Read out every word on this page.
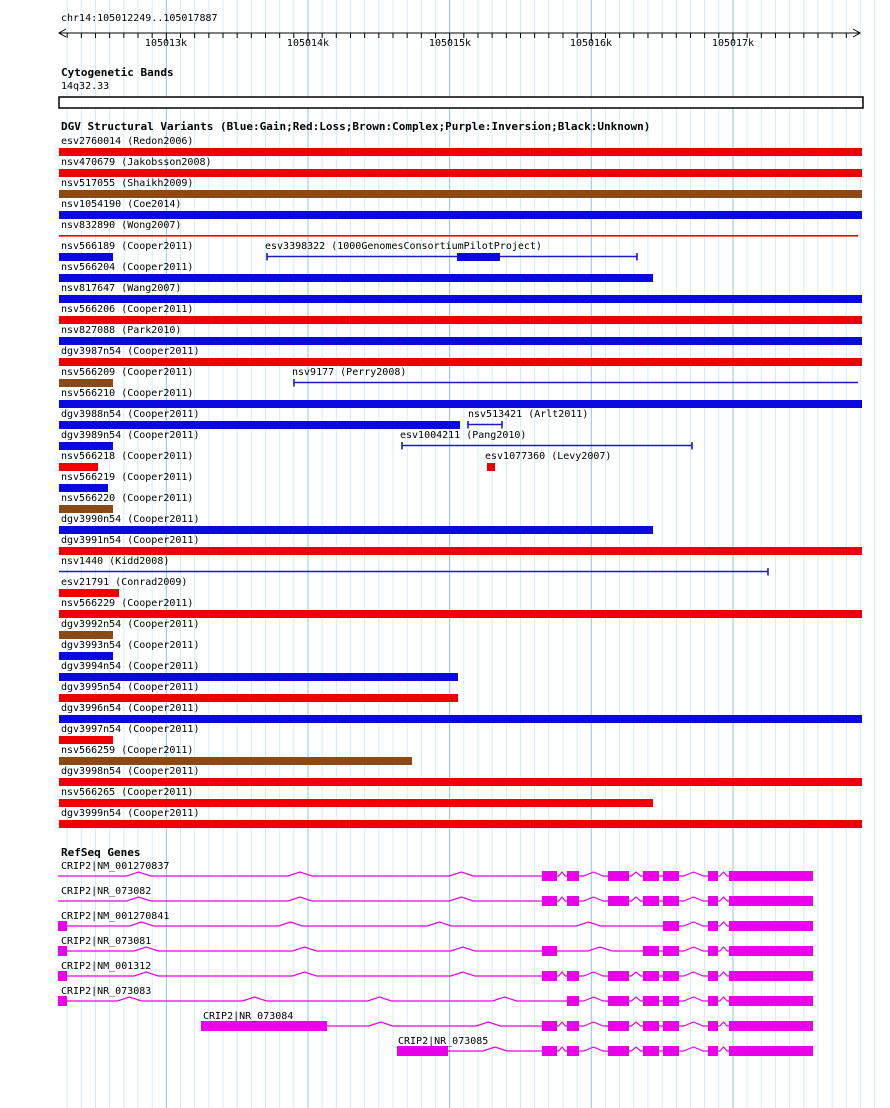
chr14:105012249..105017887
Cytogenetic Bands
14q32.33
DGV Structural Variants (Blue:Gain;Red:Loss;Brown:Complex;Purple:Inversion;Black:Unknown)
RefSeq Genes
105013k	105014k	105015k	105016k	105017k
esv2760014 (Redon2006)
nsv470679 (Jakobsson2008)
nsv517055 (Shaikh2009)
nsv1054190 (Coe2014)
nsv832890 (Wong2007)
nsv566189 (Cooper2011)	esv3398322 (1000GenomesConsortiumPilotProject)
nsv566204 (Cooper2011)
nsv817647 (Wang2007)
nsv566206 (Cooper2011)
nsv827088 (Park2010)
dgv3987n54 (Cooper2011)
nsv566209 (Cooper2011)	nsv9177 (Perry2008)
nsv566210 (Cooper2011)
dgv3988n54 (Cooper2011)	nsv513421 (Arlt2011)
dgv3989n54 (Cooper2011)	esv1004211 (Pang2010)
nsv566218 (Cooper2011)	esv1077360 (Levy2007)
nsv566219 (Cooper2011)
nsv566220 (Cooper2011)
dgv3990n54 (Cooper2011)
dgv3991n54 (Cooper2011)
nsv1440 (Kidd2008)
esv21791 (Conrad2009)
nsv566229 (Cooper2011)
dgv3992n54 (Cooper2011)
dgv3993n54 (Cooper2011)
dgv3994n54 (Cooper2011)
dgv3995n54 (Cooper2011)
dgv3996n54 (Cooper2011)
dgv3997n54 (Cooper2011)
nsv566259 (Cooper2011)
dgv3998n54 (Cooper2011)
nsv566265 (Cooper2011)
dgv3999n54 (Cooper2011)
CRIP2|NM_001270837
CRIP2|NR_073082
CRIP2|NM_001270841
CRIP2|NR_073081
CRIP2|NM_001312
CRIP2|NR_073083
CRIP2|NR_073084
CRIP2|NR_073085
